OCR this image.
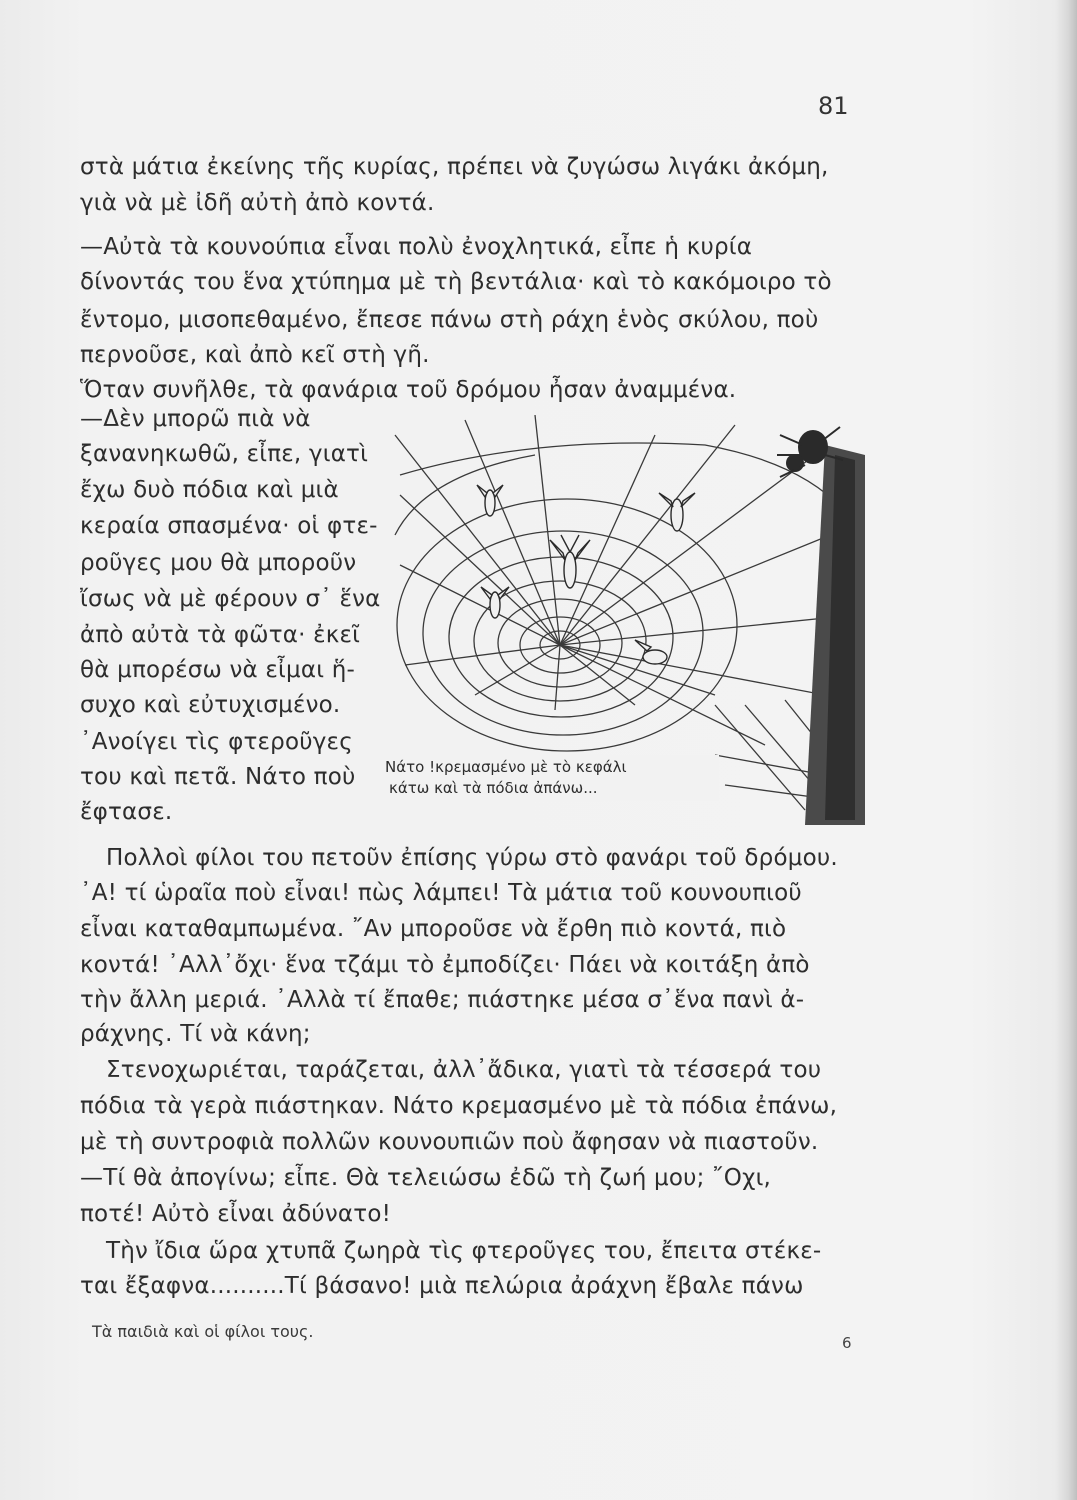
81
στὰ μάτια ἐκείνης τῆς κυρίας, πρέπει νὰ ζυγώσω λιγάκι ἀκόμη,
γιὰ νὰ μὲ ἰδῆ αὐτὴ ἀπὸ κοντά.
—Αὐτὰ τὰ κουνούπια εἶναι πολὺ ἐνοχλητικά, εἶπε ἡ κυρία
δίνοντάς του ἕνα χτύπημα μὲ τὴ βεντάλια· καὶ τὸ κακόμοιρο τὸ
ἔντομο, μισοπεθαμένο, ἔπεσε πάνω στὴ ράχη ἑνὸς σκύλου, ποὺ
περνοῦσε, καὶ ἀπὸ κεῖ στὴ γῆ.
Ὅταν συνῆλθε, τὰ φανάρια τοῦ δρόμου ἦσαν ἀναμμένα.
—Δὲν μπορῶ πιὰ νὰ
ξανανηκωθῶ, εἶπε, γιατὶ
ἔχω δυὸ πόδια καὶ μιὰ
κεραία σπασμένα· οἱ φτε-
ροῦγες μου θὰ μποροῦν
ἴσως νὰ μὲ φέρουν σ᾽ ἕνα
ἀπὸ αὐτὰ τὰ φῶτα· ἐκεῖ
θὰ μπορέσω νὰ εἶμαι ἥ-
συχο καὶ εὐτυχισμένο.
᾽Ανοίγει τὶς φτεροῦγες
του καὶ πετᾶ. Νάτο ποὺ
ἔφτασε.
Νάτο !κρεμασμένο μὲ τὸ κεφάλι
κάτω καὶ τὰ πόδια ἀπάνω...
Πολλοὶ φίλοι του πετοῦν ἐπίσης γύρω στὸ φανάρι τοῦ δρόμου.
᾽Α! τί ὡραῖα ποὺ εἶναι! πὼς λάμπει! Τὰ μάτια τοῦ κουνουπιοῦ
εἶναι καταθαμπωμένα. ῎Αν μποροῦσε νὰ ἔρθη πιὸ κοντά, πιὸ
κοντά! ᾽Αλλ᾽ὄχι· ἕνα τζάμι τὸ ἐμποδίζει· Πάει νὰ κοιτάξη ἀπὸ
τὴν ἄλλη μεριά. ᾽Αλλὰ τί ἔπαθε; πιάστηκε μέσα σ᾽ἕνα πανὶ ἀ-
ράχνης. Τί νὰ κάνη;
Στενοχωριέται, ταράζεται, ἀλλ᾽ἄδικα, γιατὶ τὰ τέσσερά του
πόδια τὰ γερὰ πιάστηκαν. Νάτο κρεμασμένο μὲ τὰ πόδια ἐπάνω,
μὲ τὴ συντροφιὰ πολλῶν κουνουπιῶν ποὺ ἄφησαν νὰ πιαστοῦν.
—Τί θὰ ἀπογίνω; εἶπε. Θὰ τελειώσω ἐδῶ τὴ ζωή μου; ῎Οχι,
ποτέ! Αὐτὸ εἶναι ἀδύνατο!
Τὴν ἴδια ὥρα χτυπᾶ ζωηρὰ τὶς φτεροῦγες του, ἔπειτα στέκε-
ται ἔξαφνα..........Τί βάσανο! μιὰ πελώρια ἀράχνη ἔβαλε πάνω
Τὰ παιδιὰ καὶ οἱ φίλοι τους.
6
